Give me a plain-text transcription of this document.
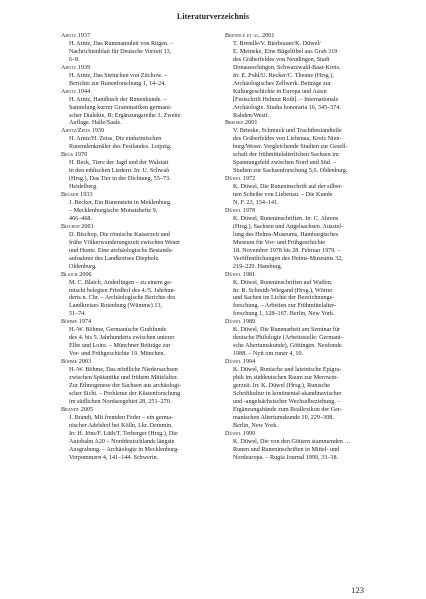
Literaturverzeichnis
Arntz 1937
H. Arntz, Das Runenamulett von Rügen. –
Nachrichtenblatt für Deutsche Vorzeit 13,
6–8.
Arntz 1939
H. Arntz, Das Steinchen von Zitchow. –
Berichte zur Runenforschung 1, 14–24.
Arntz 1944
H. Arntz, Handbuch der Runenkunde. –
Sammlung kurzer Grammatiken germani-
scher Dialekte, B: Ergänzungsreihe 3. Zweite
Auflage. Halle/Saale.
Arntz/Zeiss 1939
H. Arntz/H. Zeiss, Die einheimischen
Runendenkmäler des Festlandes. Leipzig.
Beck 1970
H. Beck, Tiere der Jagd und der Walstatt
in den eddischen Liedern. In: U. Schwab
(Hrsg.), Das Tier in der Dichtung, 55–73.
Heidelberg.
Becker 1933
J. Becker, Ein Runenstein in Meklenburg.
– Mecklenburgische Monatshefte 9,
466–468.
Bischop 2001
D. Bischop, Die römische Kaiserzeit und
frühe Völkerwanderungszeit zwischen Weser
und Hunte. Eine archäologische Bestands-
aufnahme des Landkreises Diepholz.
Oldenburg.
Blaich 2006
M. C. Blaich, Anderlingen – zu einem ge-
mischt belegten Friedhof des 4./5. Jahrhun-
derts n. Chr. – Archäologische Berichte des
Landkreises Rotenburg (Wümme) 13,
51–74.
Böhme 1974
H.-W. Böhme, Germanische Grabfunde
des 4. bis 5. Jahrhunderts zwischen unterer
Elbe und Loire. – Münchner Beiträge zur
Vor- und Frühgeschichte 19. München.
Böhme 2003
H.-W. Böhme, Das nördliche Niedersachsen
zwischen Spätantike und frühem Mittelalter.
Zur Ethnogenese der Sachsen aus archäologi-
scher Sicht. – Probleme der Küstenforschung
im südlichen Nordseegebiet 28, 251–270.
Brandt 2005
J. Brandt, Mit fremden Feder – ein germa-
nischer Adelshof bei Kölln, Lkr. Demmin.
In: H. Jöns/F. Lüth/T. Terberger (Hrsg.), Die
Autobahn A20 – Norddeutschlands längste
Ausgrabung. – Archäologie in Mecklenburg-
Vorpommern 4, 141–144. Schwerin.
Brendle et al. 2001
T. Brendle/V. Bierbrauer/K. Düwel/
E. Meineke, Eine Bügelfibel aus Grab 319
des Gräberfeldes von Neudingen, Stadt
Donaueschingen, Schwarzwald-Baar-Kreis.
In: E. Pohl/U. Recker/C. Theune (Hrsg.),
Archäologisches Zellwerk. Beiträge zur
Kulturgeschichte in Europa und Asien
[Festschrift Helmut Roth]. – Internationale
Archäologie. Studia honoraria 16, 345–374.
Rahden/Westf.
Brieske 2001
V. Brieske, Schmuck und Trachtbestandteile
des Gräberfeldes von Liebenau, Kreis Nien-
burg/Weser. Vergleichende Studien zur Gesell-
schaft der frühmittelalterlichen Sachsen im
Spannungsfeld zwischen Nord und Süd. –
Studien zur Sachsenforschung 5,6. Oldenburg.
Düwel 1972
K. Düwel, Die Runeninschrift auf der silber-
nen Scheibe von Liebenau. – Die Kunde
N. F. 23, 134–141.
Düwel 1978
K. Düwel, Runeninschriften. In: C. Ahrens
(Hrsg.), Sachsen und Angelsachsen. Ausstel-
lung des Helms-Museums, Hamburgisches
Museum für Vor- und Frühgeschichte
18. November 1978 bis 28. Februar 1979. –
Veröffentlichungen des Helms-Museums 32,
219–229. Hamburg.
Düwel 1981
K. Düwel, Runeninschriften auf Waffen.
In: R. Schmidt-Wiegand (Hrsg.), Wörter
und Sachen im Lichte der Bezeichnungs-
forschung. – Arbeiten zur Frühmittelalter-
forschung 1, 128–167. Berlin, New York.
Düwel 1989
K. Düwel, Die Runenarbeit am Seminar für
deutsche Philologie (Arbeitsstelle: Germani-
sche Altertumskunde), Göttingen. Neufunde
1988. – Nytt om runer 4, 10.
Düwel 1994
K. Düwel, Runische und lateinische Epigra-
phik im süddeutschen Raum zur Merowin-
gerzeit. In: K. Düwel (Hrsg.), Runische
Schriftkultur in kontinental-skandinavischer
und -angelsächsischer Wechselbeziehung. –
Ergänzungsbände zum Reallexikon der Ger-
manischen Altertumskunde 10, 229–308.
Berlin, New York.
Düwel 1999
K. Düwel, Die von den Göttern stammenden …
Runen und Runeninschriften in Mittel- und
Nordeuropa. – Rugia Journal 1999, 33–38.
123
